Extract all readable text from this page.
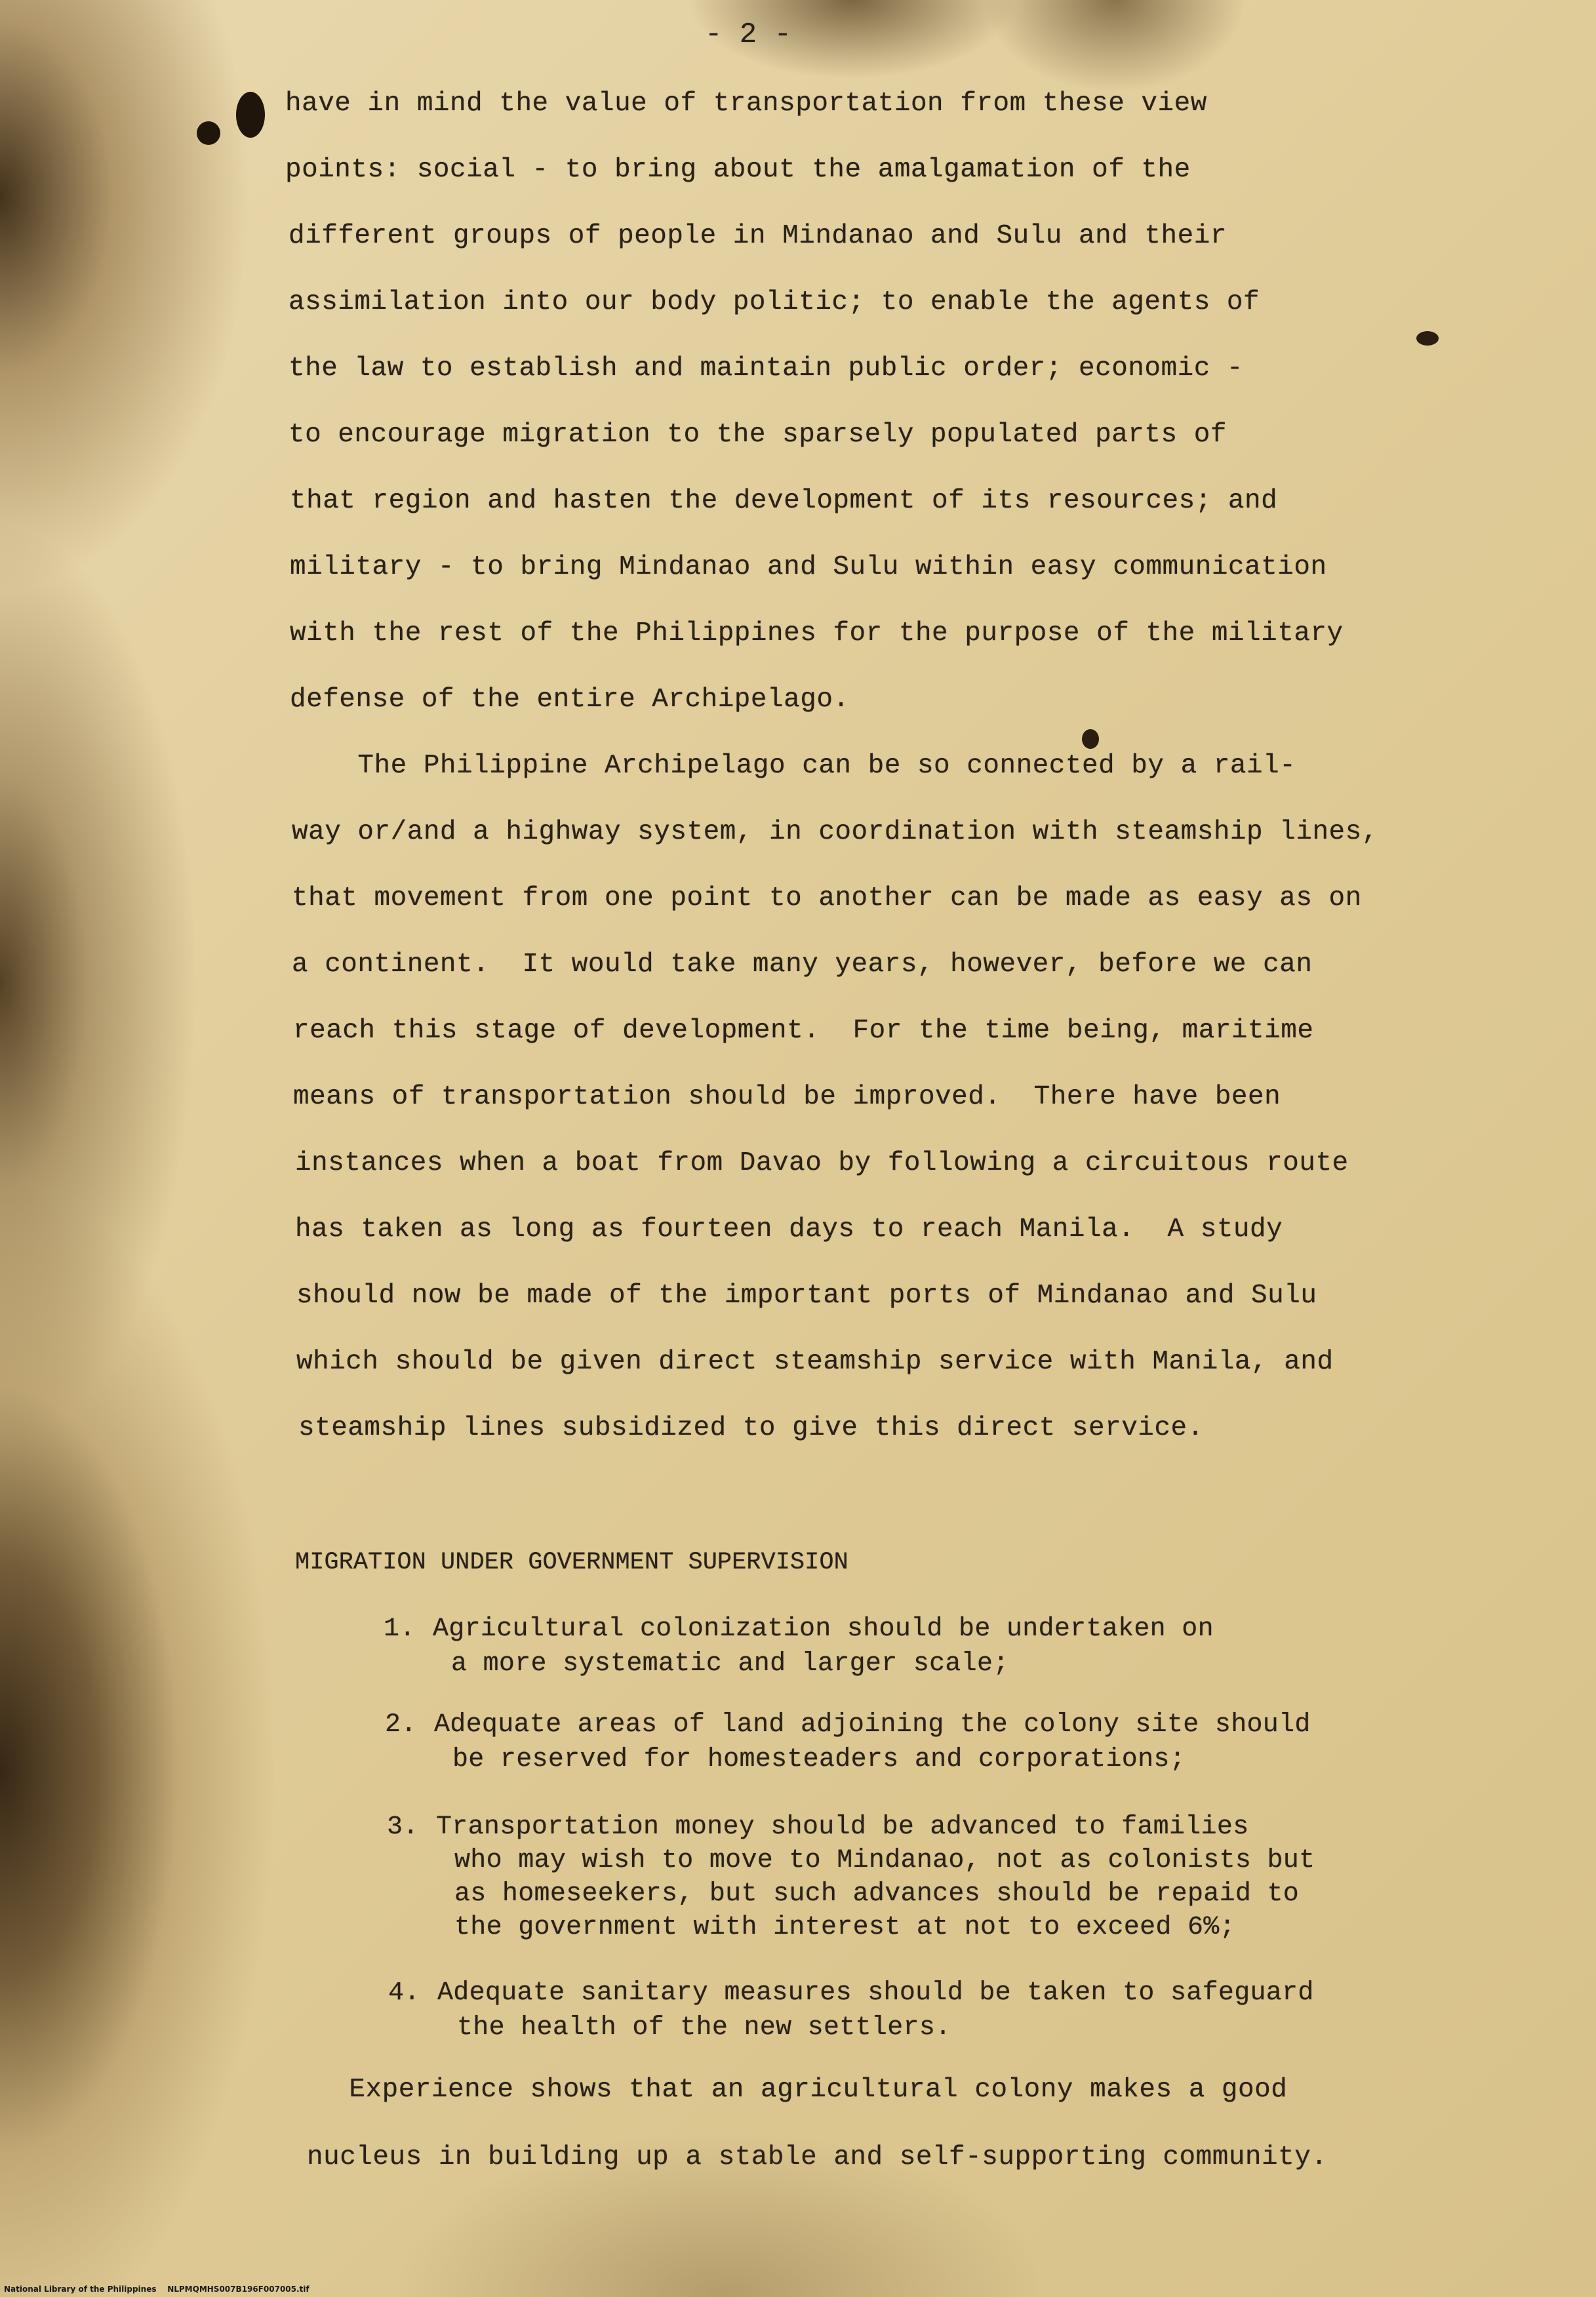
- 2 -
have in mind the value of transportation from these view
points: social - to bring about the amalgamation of the
different groups of people in Mindanao and Sulu and their
assimilation into our body politic; to enable the agents of
the law to establish and maintain public order; economic -
to encourage migration to the sparsely populated parts of
that region and hasten the development of its resources; and
military - to bring Mindanao and Sulu within easy communication
with the rest of the Philippines for the purpose of the military
defense of the entire Archipelago.
The Philippine Archipelago can be so connected by a rail-
way or/and a highway system, in coordination with steamship lines,
that movement from one point to another can be made as easy as on
a continent.  It would take many years, however, before we can
reach this stage of development.  For the time being, maritime
means of transportation should be improved.  There have been
instances when a boat from Davao by following a circuitous route
has taken as long as fourteen days to reach Manila.  A study
should now be made of the important ports of Mindanao and Sulu
which should be given direct steamship service with Manila, and
steamship lines subsidized to give this direct service.
MIGRATION UNDER GOVERNMENT SUPERVISION
1. Agricultural colonization should be undertaken on
a more systematic and larger scale;
2. Adequate areas of land adjoining the colony site should
be reserved for homesteaders and corporations;
3. Transportation money should be advanced to families
who may wish to move to Mindanao, not as colonists but
as homeseekers, but such advances should be repaid to
the government with interest at not to exceed 6%;
4. Adequate sanitary measures should be taken to safeguard
the health of the new settlers.
Experience shows that an agricultural colony makes a good
nucleus in building up a stable and self-supporting community.
National Library of the Philippines    NLPMQMHS007B196F007005.tif
